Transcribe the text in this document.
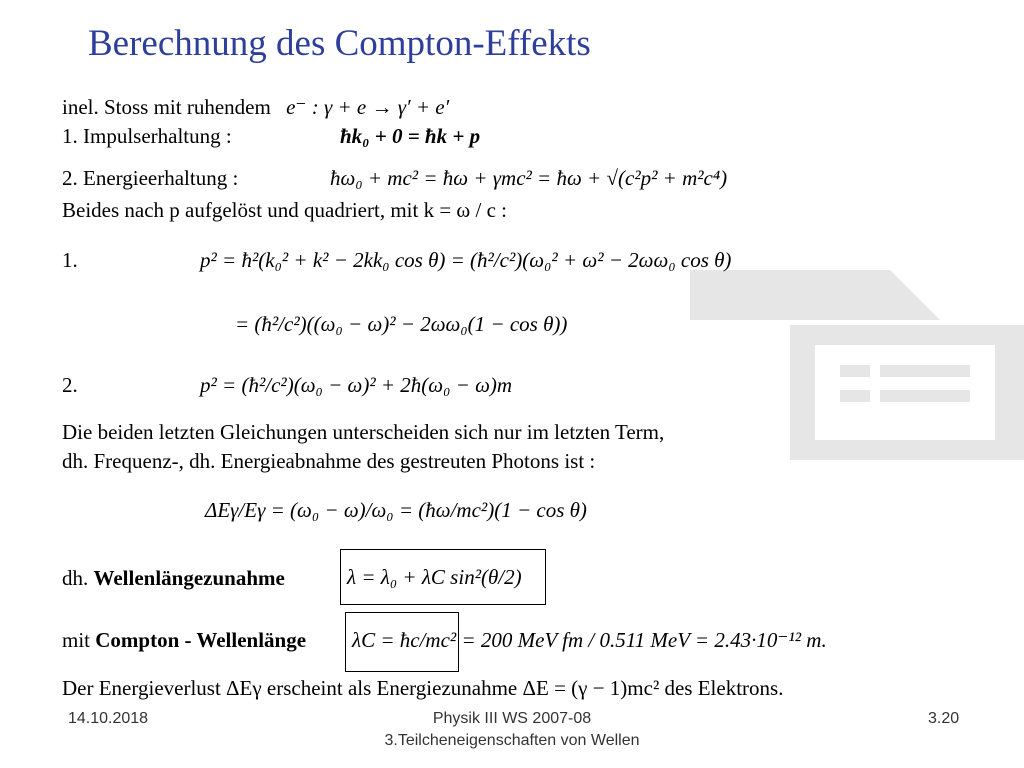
Berechnung des Compton-Effekts
inel. Stoss mit ruhendem e⁻ : γ + e → γ′ + e′
1. Impulserhaltung :	ħk₀ + 0 = ħk + p
2. Energieerhaltung :	ħω₀ + mc² = ħω + γmc² = ħω + √(c²p² + m²c⁴)
Beides nach p aufgelöst und quadriert, mit k = ω / c :
1.	p² = ħ²(k₀² + k² − 2kk₀ cos θ) = (ħ²/c²)(ω₀² + ω² − 2ωω₀ cos θ)
= (ħ²/c²)((ω₀ − ω)² − 2ωω₀(1 − cos θ))
2.	p² = (ħ²/c²)(ω₀ − ω)² + 2ħ(ω₀ − ω)m
Die beiden letzten Gleichungen unterscheiden sich nur im letzten Term,
dh. Frequenz-, dh. Energieabnahme des gestreuten Photons ist :
ΔEγ/Eγ = (ω₀ − ω)/ω₀ = (ħω/mc²)(1 − cos θ)
dh. Wellenlängezunahme	λ = λ₀ + λC sin²(θ/2)
mit Compton - Wellenlänge λC = ħc/mc² = 200 MeV fm / 0.511 MeV = 2.43·10⁻¹² m.
Der Energieverlust ΔEγ erscheint als Energiezunahme ΔE = (γ − 1)mc² des Elektrons.
14.10.2018	Physik III WS 2007-08
3.Teilcheneigenschaften von Wellen
3.20
